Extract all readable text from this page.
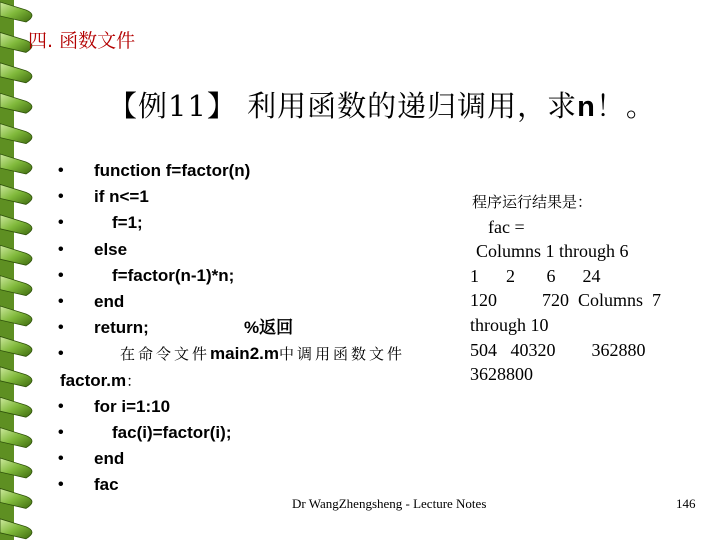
四. 函数文件
【例11】 利用函数的递归调用，求n！。
• function f=factor(n)
• if n<=1
•	f=1;
• else
•	f=factor(n-1)*n;
• end
• return;	%返回
•	在命令文件main2.m中调用函数文件
factor.m：
• for i=1:10
•	fac(i)=factor(i);
• end
• fac
程序运行结果是：
fac =
Columns 1 through 6
1      2       6      24
120          720  Columns  7
through 10
504   40320        362880
3628800
Dr WangZhengsheng - Lecture Notes	146
